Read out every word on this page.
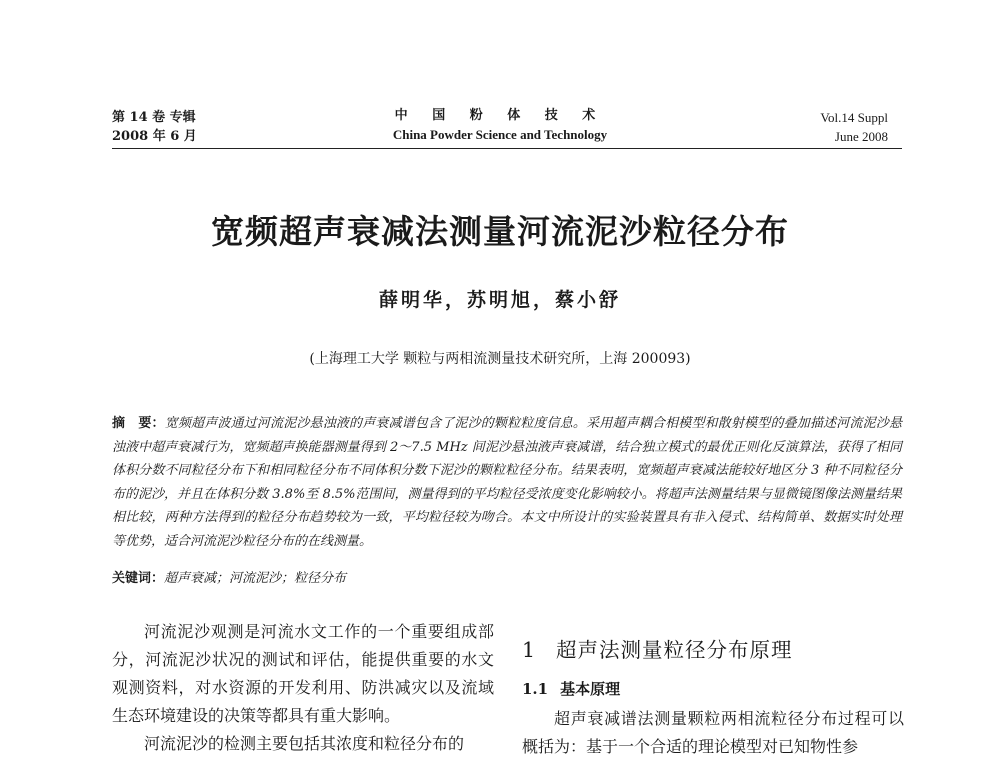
第 14 卷 专辑
2008 年 6 月
中 国 粉 体 技 术
China Powder Science and Technology
Vol.14 Suppl
June 2008
宽频超声衰减法测量河流泥沙粒径分布
薛明华，苏明旭，蔡小舒
(上海理工大学 颗粒与两相流测量技术研究所，上海 200093)
摘　要：宽频超声波通过河流泥沙悬浊液的声衰减谱包含了泥沙的颗粒粒度信息。采用超声耦合相模型和散射模型的叠加描述河流泥沙悬浊液中超声衰减行为，宽频超声换能器测量得到 2～7.5 MHz 间泥沙悬浊液声衰减谱，结合独立模式的最优正则化反演算法，获得了相同体积分数不同粒径分布下和相同粒径分布不同体积分数下泥沙的颗粒粒径分布。结果表明，宽频超声衰减法能较好地区分 3 种不同粒径分布的泥沙，并且在体积分数 3.8%至 8.5%范围间，测量得到的平均粒径受浓度变化影响较小。将超声法测量结果与显微镜图像法测量结果相比较，两种方法得到的粒径分布趋势较为一致，平均粒径较为吻合。本文中所设计的实验装置具有非入侵式、结构简单、数据实时处理等优势，适合河流泥沙粒径分布的在线测量。
关键词：超声衰减；河流泥沙；粒径分布

河流泥沙观测是河流水文工作的一个重要组成部分，河流泥沙状况的测试和评估，能提供重要的水文观测资料，对水资源的开发利用、防洪减灾以及流域生态环境建设的决策等都具有重大影响。

河流泥沙的检测主要包括其浓度和粒径分布的

1 超声法测量粒径分布原理
1.1 基本原理
超声衰减谱法测量颗粒两相流粒径分布过程可以概括为：基于一个合适的理论模型对已知物性参
